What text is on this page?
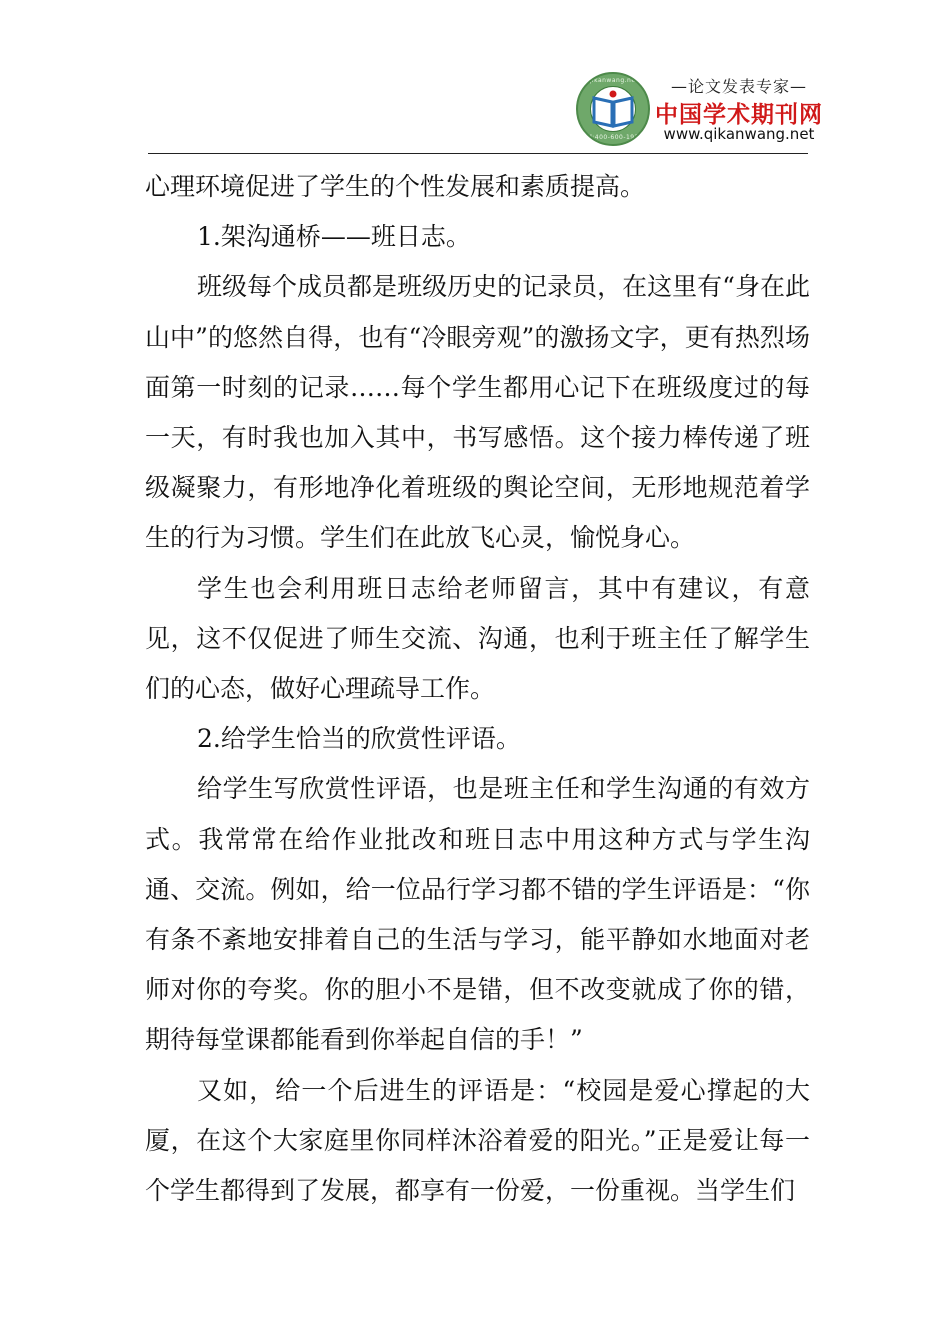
qikanwang.net
Tel:400-600-1922
—论文发表专家—
中国学术期刊网
www.qikanwang.net

心理环境促进了学生的个性发展和素质提高。

1.架沟通桥——班日志。

班级每个成员都是班级历史的记录员，在这里有“身在此山中”的悠然自得，也有“冷眼旁观”的激扬文字，更有热烈场面第一时刻的记录……每个学生都用心记下在班级度过的每一天，有时我也加入其中，书写感悟。这个接力棒传递了班级凝聚力，有形地净化着班级的舆论空间，无形地规范着学生的行为习惯。学生们在此放飞心灵，愉悦身心。

学生也会利用班日志给老师留言，其中有建议，有意见，这不仅促进了师生交流、沟通，也利于班主任了解学生们的心态，做好心理疏导工作。

2.给学生恰当的欣赏性评语。

给学生写欣赏性评语，也是班主任和学生沟通的有效方式。我常常在给作业批改和班日志中用这种方式与学生沟通、交流。例如，给一位品行学习都不错的学生评语是：“你有条不紊地安排着自己的生活与学习，能平静如水地面对老师对你的夸奖。你的胆小不是错，但不改变就成了你的错，期待每堂课都能看到你举起自信的手！”

又如，给一个后进生的评语是：“校园是爱心撑起的大厦，在这个大家庭里你同样沐浴着爱的阳光。”正是爱让每一个学生都得到了发展，都享有一份爱，一份重视。当学生们
